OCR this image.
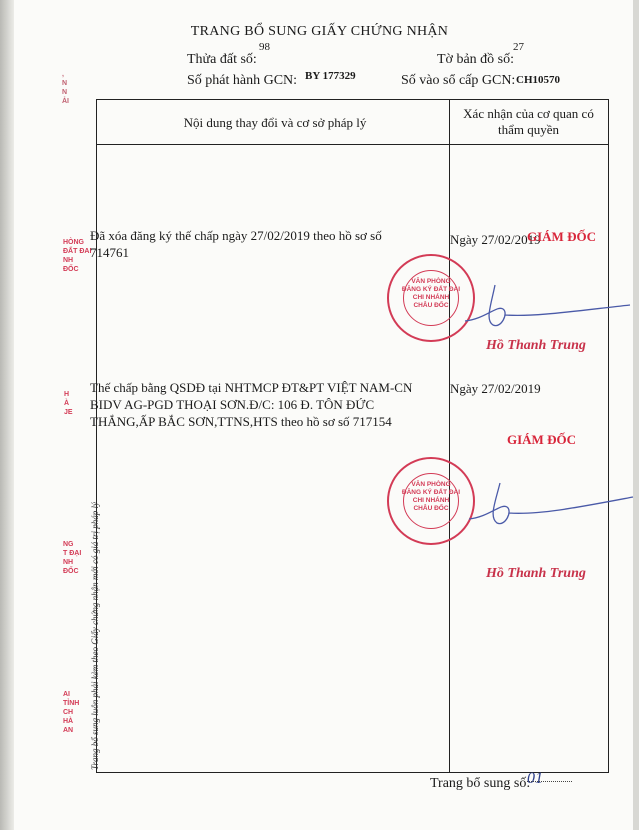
,
N
N
ẢI
HÒNG
ĐẤT ĐAI
NH
ĐỐC
H
À
JE
NG
T ĐẠI
NH
ĐỐC
AI
TỈNH
CH
HÀ
AN
TRANG BỔ SUNG GIẤY CHỨNG NHẬN
98
Thửa đất số:	Tờ bản đồ số:
27
Số phát hành GCN: BY 177329	Số vào sổ cấp GCN: CH10570
Nội dung thay đổi và cơ sở pháp lý
Xác nhận của cơ quan có thẩm quyền
Đã xóa đăng ký thế chấp ngày 27/02/2019 theo hồ sơ số
714761
Ngày 27/02/2019
GIÁM ĐỐC
VĂN PHÒNG
ĐĂNG KÝ ĐẤT ĐAI
CHI NHÁNH
CHÂU ĐỐC
Hồ Thanh Trung
Thế chấp bằng QSDĐ tại NHTMCP ĐT&PT VIỆT NAM-CN
BIDV AG-PGD THOẠI SƠN.Đ/C: 106 Đ. TÔN ĐỨC
THẮNG,ẤP BẮC SƠN,TTNS,HTS theo hồ sơ số 717154
Ngày 27/02/2019
GIÁM ĐỐC
VĂN PHÒNG
ĐĂNG KÝ ĐẤT ĐAI
CHI NHÁNH
CHÂU ĐỐC
Hồ Thanh Trung
Trang bổ sung luôn phải kèm theo Giấy chứng nhận mới có giá trị pháp lý
Trang bổ sung số:
01
